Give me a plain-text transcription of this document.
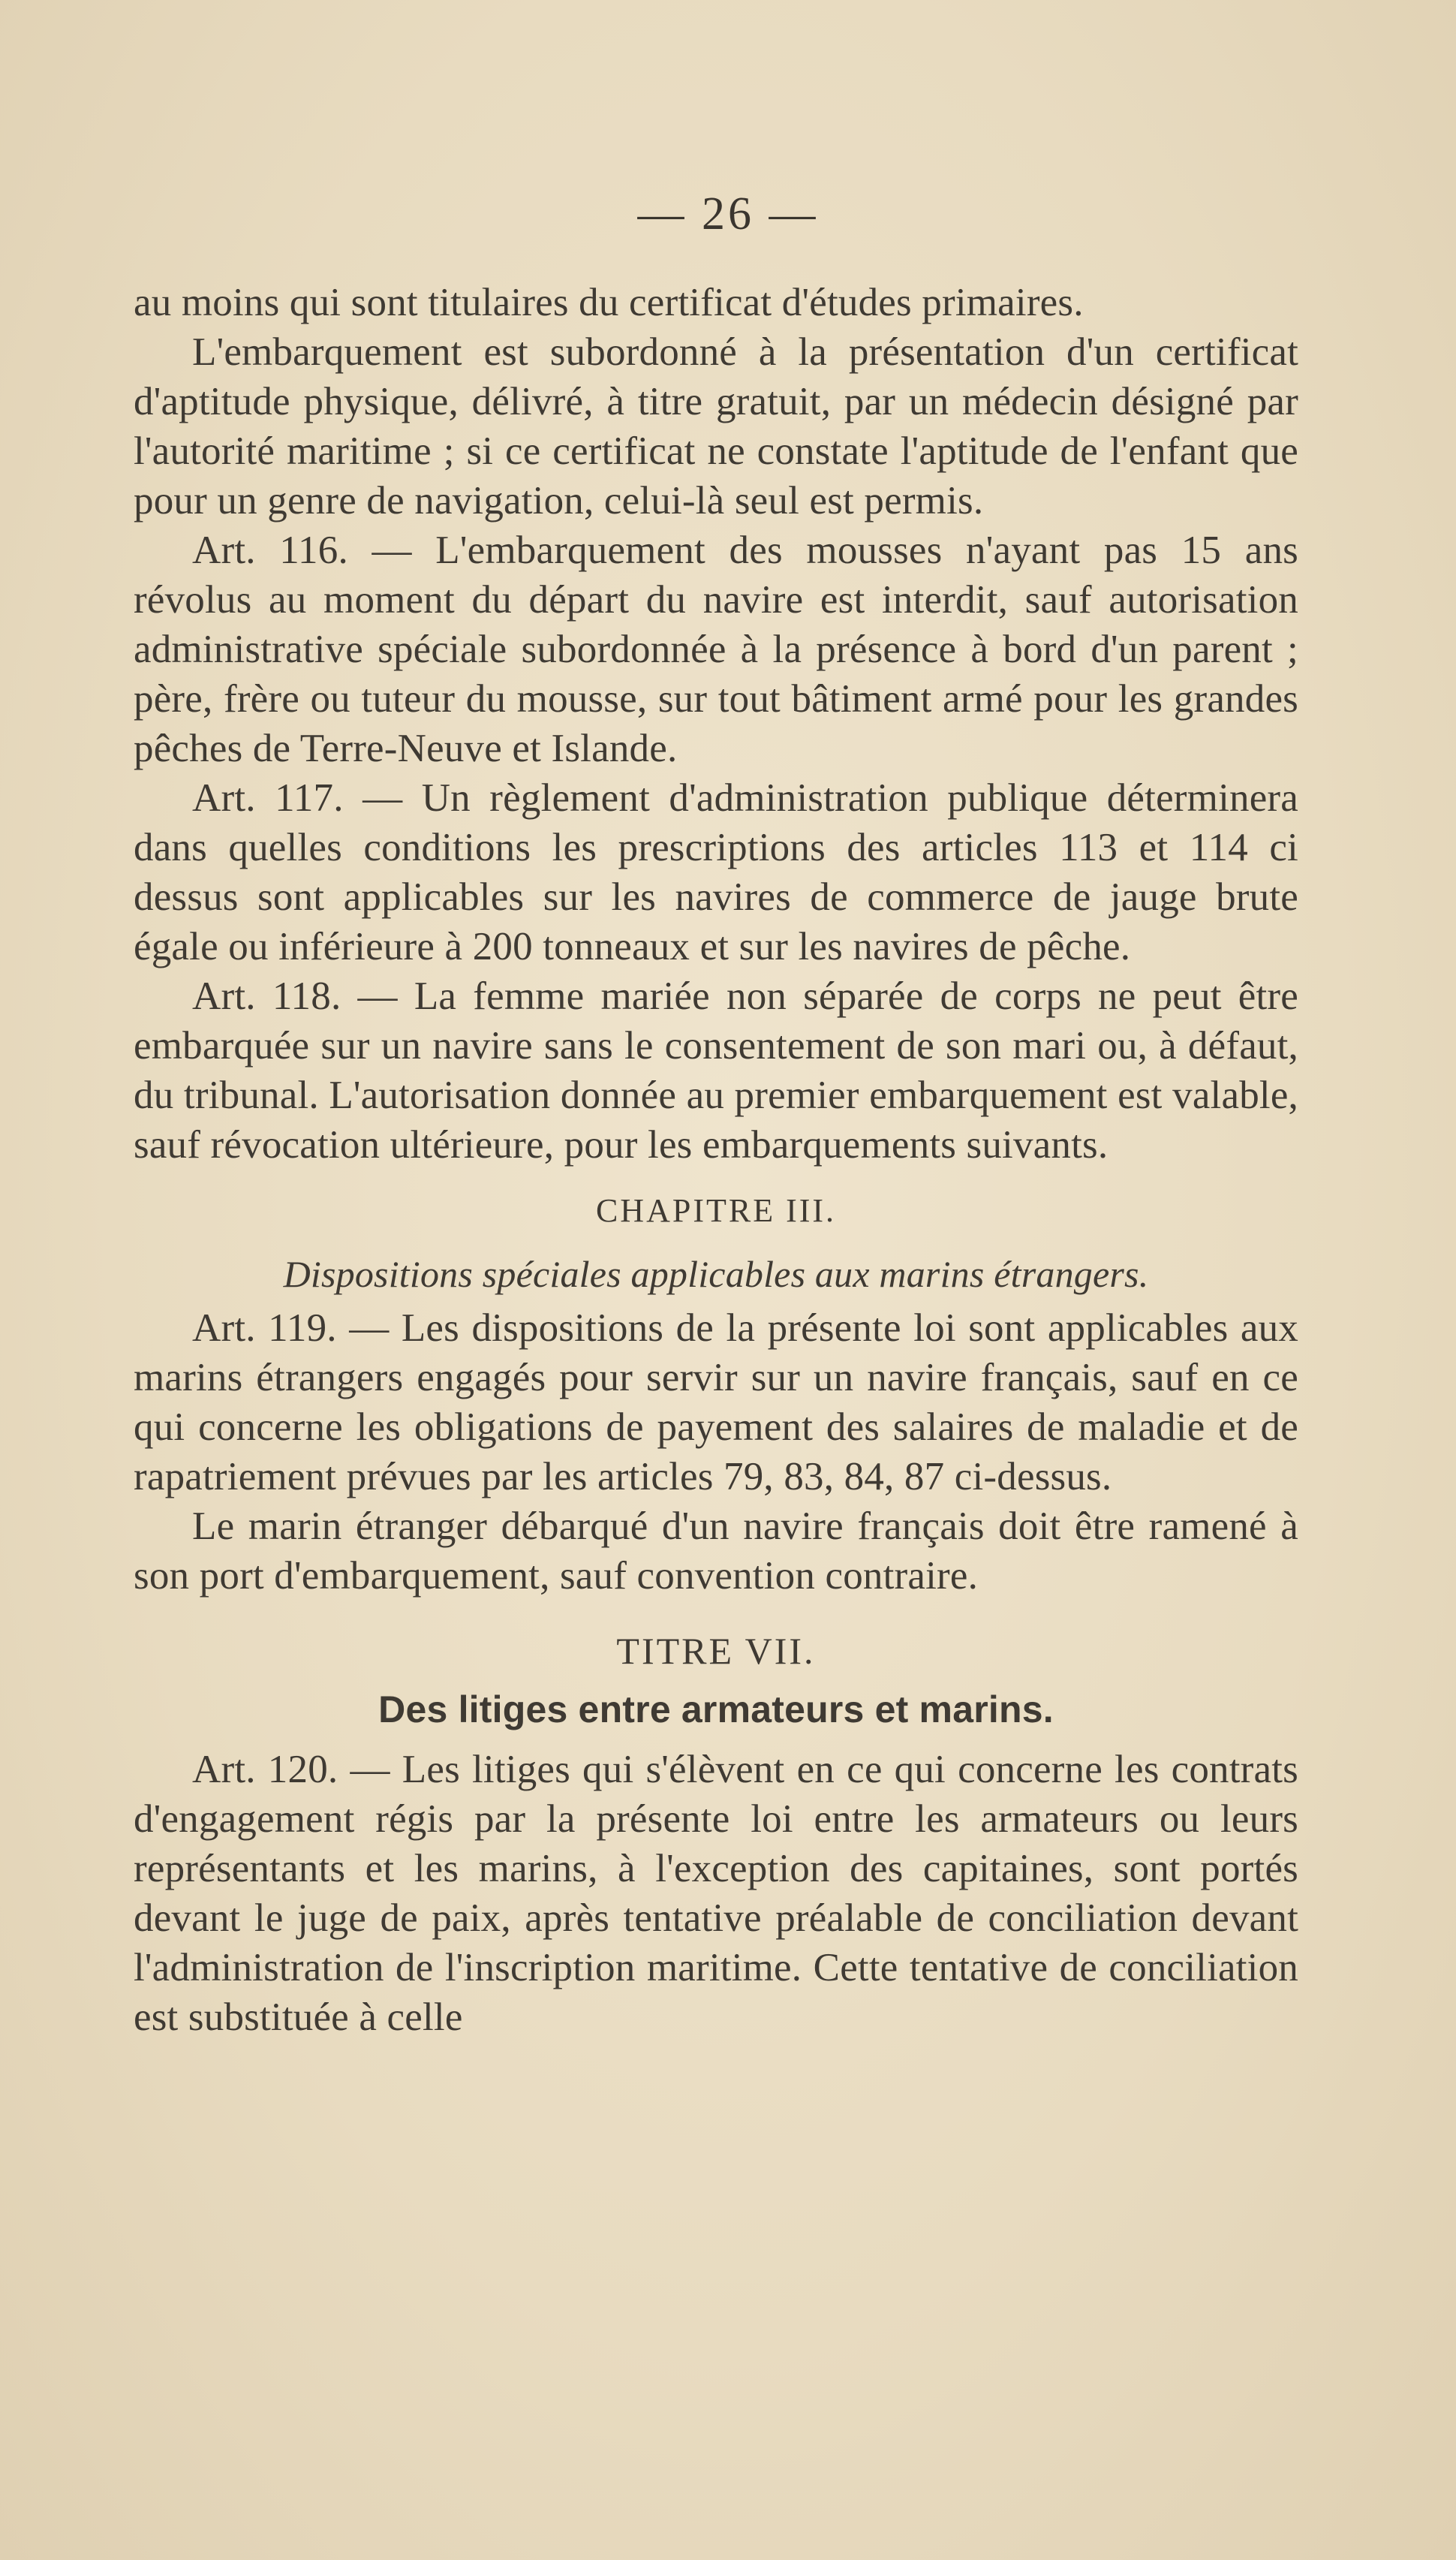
— 26 —

au moins qui sont titulaires du certificat d'études primaires.

L'embarquement est subordonné à la présentation d'un certificat d'aptitude physique, délivré, à titre gratuit, par un médecin désigné par l'autorité maritime ; si ce certificat ne constate l'aptitude de l'enfant que pour un genre de navigation, celui-là seul est permis.

Art. 116. — L'embarquement des mousses n'ayant pas 15 ans révolus au moment du départ du navire est interdit, sauf autorisation administrative spéciale subordonnée à la présence à bord d'un parent ; père, frère ou tuteur du mousse, sur tout bâtiment armé pour les grandes pêches de Terre-Neuve et Islande.

Art. 117. — Un règlement d'administration publique déterminera dans quelles conditions les prescriptions des articles 113 et 114 ci dessus sont applicables sur les navires de commerce de jauge brute égale ou inférieure à 200 tonneaux et sur les navires de pêche.

Art. 118. — La femme mariée non séparée de corps ne peut être embarquée sur un navire sans le consentement de son mari ou, à défaut, du tribunal. L'autorisation donnée au premier embarquement est valable, sauf révocation ultérieure, pour les embarquements suivants.

CHAPITRE III.
Dispositions spéciales applicables aux marins étrangers.

Art. 119. — Les dispositions de la présente loi sont applicables aux marins étrangers engagés pour servir sur un navire français, sauf en ce qui concerne les obligations de payement des salaires de maladie et de rapatriement prévues par les articles 79, 83, 84, 87 ci-dessus.

Le marin étranger débarqué d'un navire français doit être ramené à son port d'embarquement, sauf convention contraire.

TITRE VII.
Des litiges entre armateurs et marins.

Art. 120. — Les litiges qui s'élèvent en ce qui concerne les contrats d'engagement régis par la présente loi entre les armateurs ou leurs représentants et les marins, à l'exception des capitaines, sont portés devant le juge de paix, après tentative préalable de conciliation devant l'administration de l'inscription maritime. Cette tentative de conciliation est substituée à celle
